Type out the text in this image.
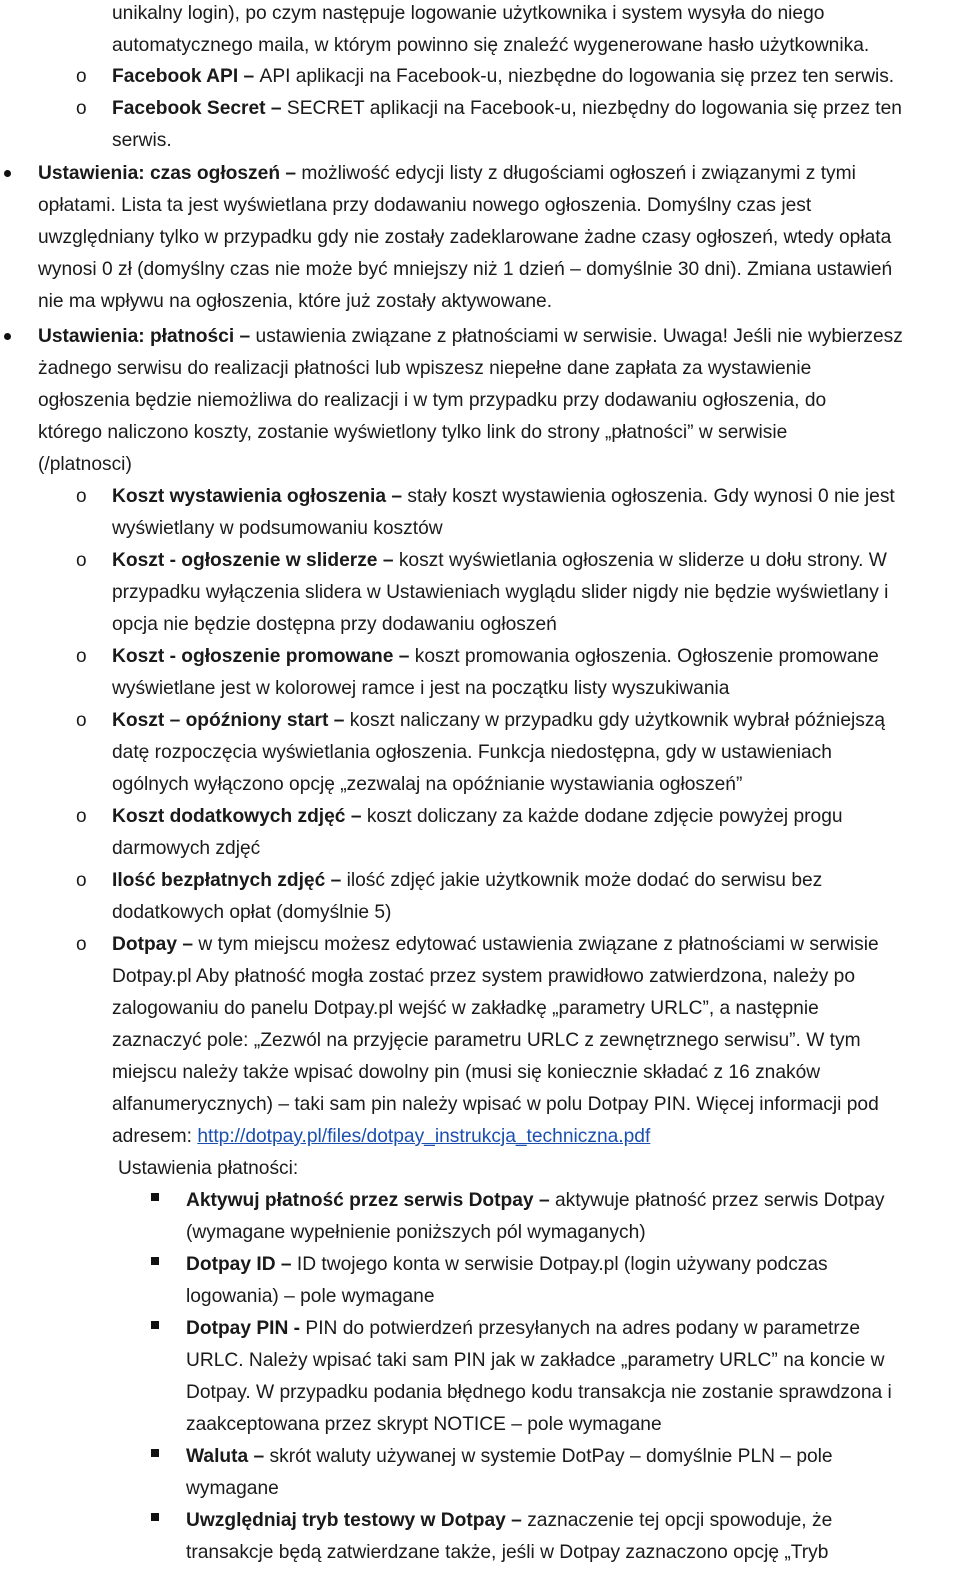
unikalny login), po czym następuje logowanie użytkownika i system wysyła do niego
automatycznego maila, w którym powinno się znaleźć wygenerowane hasło użytkownika.
o Facebook API – API aplikacji na Facebook-u, niezbędne do logowania się przez ten serwis.
o Facebook Secret – SECRET aplikacji na Facebook-u, niezbędny do logowania się przez ten
serwis.
Ustawienia: czas ogłoszeń – możliwość edycji listy z długościami ogłoszeń i związanymi z tymi
opłatami. Lista ta jest wyświetlana przy dodawaniu nowego ogłoszenia. Domyślny czas jest
uwzględniany tylko w przypadku gdy nie zostały zadeklarowane żadne czasy ogłoszeń, wtedy opłata
wynosi 0 zł (domyślny czas nie może być mniejszy niż 1 dzień – domyślnie 30 dni). Zmiana ustawień
nie ma wpływu na ogłoszenia, które już zostały aktywowane.
Ustawienia: płatności – ustawienia związane z płatnościami w serwisie. Uwaga! Jeśli nie wybierzesz
żadnego serwisu do realizacji płatności lub wpiszesz niepełne dane zapłata za wystawienie
ogłoszenia będzie niemożliwa do realizacji i w tym przypadku przy dodawaniu ogłoszenia, do
którego naliczono koszty, zostanie wyświetlony tylko link do strony „płatności” w serwisie
(/platnosci)
o Koszt wystawienia ogłoszenia – stały koszt wystawienia ogłoszenia. Gdy wynosi 0 nie jest
wyświetlany w podsumowaniu kosztów
o Koszt - ogłoszenie w sliderze – koszt wyświetlania ogłoszenia w sliderze u dołu strony. W
przypadku wyłączenia slidera w Ustawieniach wyglądu slider nigdy nie będzie wyświetlany i
opcja nie będzie dostępna przy dodawaniu ogłoszeń
o Koszt - ogłoszenie promowane – koszt promowania ogłoszenia. Ogłoszenie promowane
wyświetlane jest w kolorowej ramce i jest na początku listy wyszukiwania
o Koszt – opóźniony start – koszt naliczany w przypadku gdy użytkownik wybrał późniejszą
datę rozpoczęcia wyświetlania ogłoszenia. Funkcja niedostępna, gdy w ustawieniach
ogólnych wyłączono opcję „zezwalaj na opóźnianie wystawiania ogłoszeń”
o Koszt dodatkowych zdjęć – koszt doliczany za każde dodane zdjęcie powyżej progu
darmowych zdjęć
o Ilość bezpłatnych zdjęć – ilość zdjęć jakie użytkownik może dodać do serwisu bez
dodatkowych opłat (domyślnie 5)
o Dotpay – w tym miejscu możesz edytować ustawienia związane z płatnościami w serwisie
Dotpay.pl Aby płatność mogła zostać przez system prawidłowo zatwierdzona, należy po
zalogowaniu do panelu Dotpay.pl wejść w zakładkę „parametry URLC”, a następnie
zaznaczyć pole: „Zezwól na przyjęcie parametru URLC z zewnętrznego serwisu”. W tym
miejscu należy także wpisać dowolny pin (musi się koniecznie składać z 16 znaków
alfanumerycznych) – taki sam pin należy wpisać w polu Dotpay PIN. Więcej informacji pod
adresem: http://dotpay.pl/files/dotpay_instrukcja_techniczna.pdf
Ustawienia płatności:
Aktywuj płatność przez serwis Dotpay – aktywuje płatność przez serwis Dotpay
(wymagane wypełnienie poniższych pól wymaganych)
Dotpay ID – ID twojego konta w serwisie Dotpay.pl (login używany podczas
logowania) – pole wymagane
Dotpay PIN - PIN do potwierdzeń przesyłanych na adres podany w parametrze
URLC. Należy wpisać taki sam PIN jak w zakładce „parametry URLC” na koncie w
Dotpay. W przypadku podania błędnego kodu transakcja nie zostanie sprawdzona i
zaakceptowana przez skrypt NOTICE – pole wymagane
Waluta – skrót waluty używanej w systemie DotPay – domyślnie PLN – pole
wymagane
Uwzględniaj tryb testowy w Dotpay – zaznaczenie tej opcji spowoduje, że
transakcje będą zatwierdzane także, jeśli w Dotpay zaznaczono opcję „Tryb
